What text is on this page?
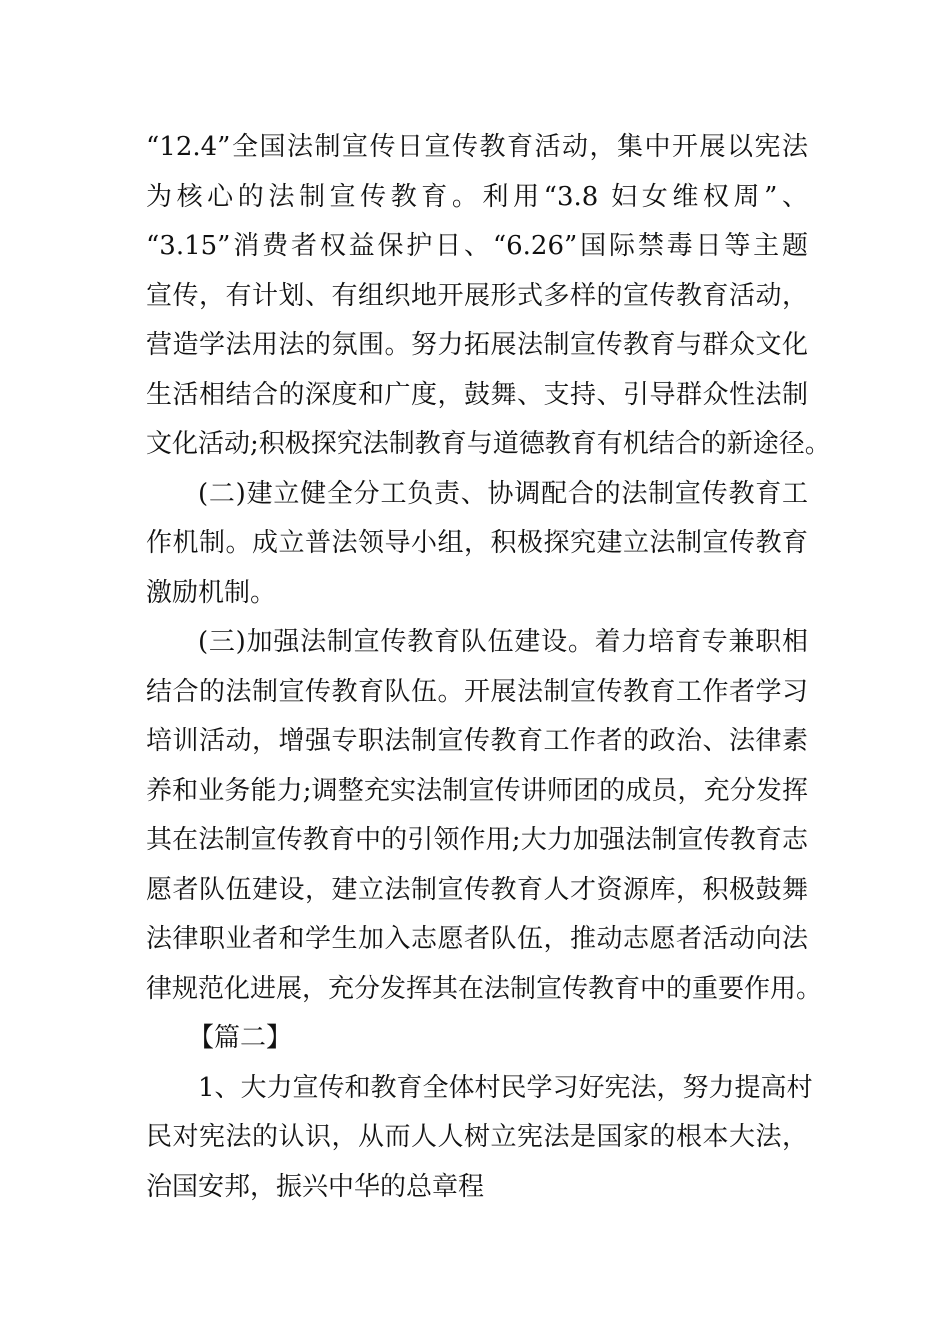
“12.4”全国法制宣传日宣传教育活动，集中开展以宪法
为核心的法制宣传教育。利用“3.8 妇女维权周”、
“3.15”消费者权益保护日、“6.26”国际禁毒日等主题
宣传，有计划、有组织地开展形式多样的宣传教育活动，
营造学法用法的氛围。努力拓展法制宣传教育与群众文化
生活相结合的深度和广度，鼓舞、支持、引导群众性法制
文化活动;积极探究法制教育与道德教育有机结合的新途径。
(二)建立健全分工负责、协调配合的法制宣传教育工
作机制。成立普法领导小组，积极探究建立法制宣传教育
激励机制。
(三)加强法制宣传教育队伍建设。着力培育专兼职相
结合的法制宣传教育队伍。开展法制宣传教育工作者学习
培训活动，增强专职法制宣传教育工作者的政治、法律素
养和业务能力;调整充实法制宣传讲师团的成员，充分发挥
其在法制宣传教育中的引领作用;大力加强法制宣传教育志
愿者队伍建设，建立法制宣传教育人才资源库，积极鼓舞
法律职业者和学生加入志愿者队伍，推动志愿者活动向法
律规范化进展，充分发挥其在法制宣传教育中的重要作用。
【篇二】
1、大力宣传和教育全体村民学习好宪法，努力提高村
民对宪法的认识，从而人人树立宪法是国家的根本大法，
治国安邦，振兴中华的总章程
